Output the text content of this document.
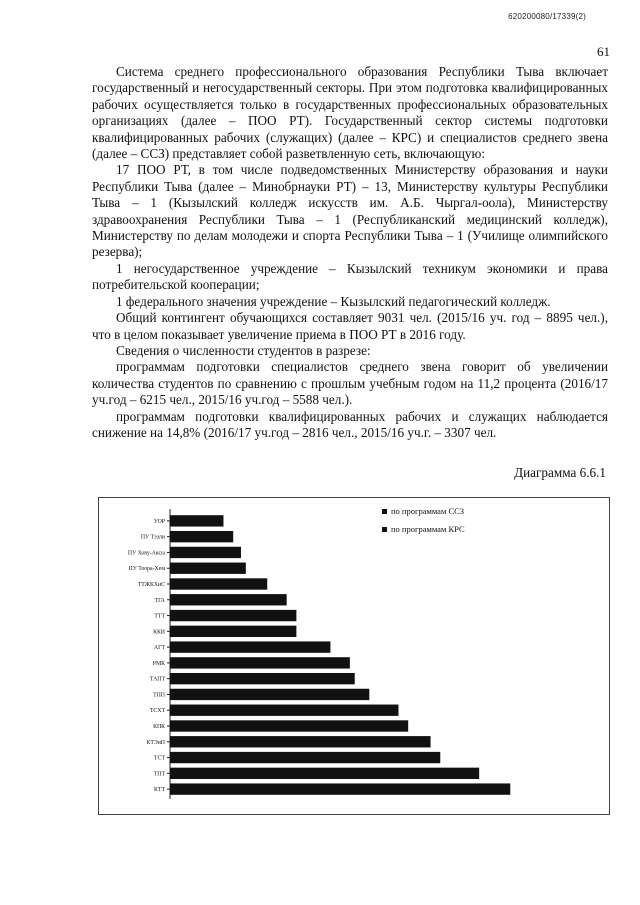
620200080/17339(2)
61

Система среднего профессионального образования Республики Тыва включает государственный и негосударственный секторы. При этом подготовка квалифицированных рабочих осуществляется только в государственных профессиональных образовательных организациях (далее – ПОО РТ). Государственный сектор системы подготовки квалифицированных рабочих (служащих) (далее – КРС) и специалистов среднего звена (далее – ССЗ) представляет собой разветвленную сеть, включающую:

17 ПОО РТ, в том числе подведомственных Министерству образования и науки Республики Тыва (далее – Минобрнауки РТ) – 13, Министерству культуры Республики Тыва – 1 (Кызылский колледж искусств им. А.Б. Чыргал-оола), Министерству здравоохранения Республики Тыва – 1 (Республиканский медицинский колледж), Министерству по делам молодежи и спорта Республики Тыва – 1 (Училище олимпийского резерва);

1 негосударственное учреждение – Кызылский техникум экономики и права потребительской кооперации;

1 федерального значения учреждение – Кызылский педагогический колледж.

Общий контингент обучающихся составляет 9031 чел. (2015/16 уч. год – 8895 чел.), что в целом показывает увеличение приема в ПОО РТ в 2016 году.

Сведения о численности студентов в разрезе:

программам подготовки специалистов среднего звена говорит об увеличении количества студентов по сравнению с прошлым учебным годом на 11,2 процента (2016/17 уч.год – 6215 чел., 2015/16 уч.год – 5588 чел.).

программам подготовки квалифицированных рабочих и служащих наблюдается снижение на 14,8% (2016/17 уч.год – 2816 чел., 2015/16 уч.г. – 3307 чел.

Диаграмма 6.6.1
УОР
ПУ Тээли
ПУ Хову-Аксы
ПУ Тоора-Хем
ТТЖКХиС
ТГА
ТТТ
ККИ
АГТ
РМК
ТАПТ
ТПП
ТСХТ
КПК
КТЭиП
ТСТ
ТПТ
КТТ
по программам ССЗ
по программам КРС
